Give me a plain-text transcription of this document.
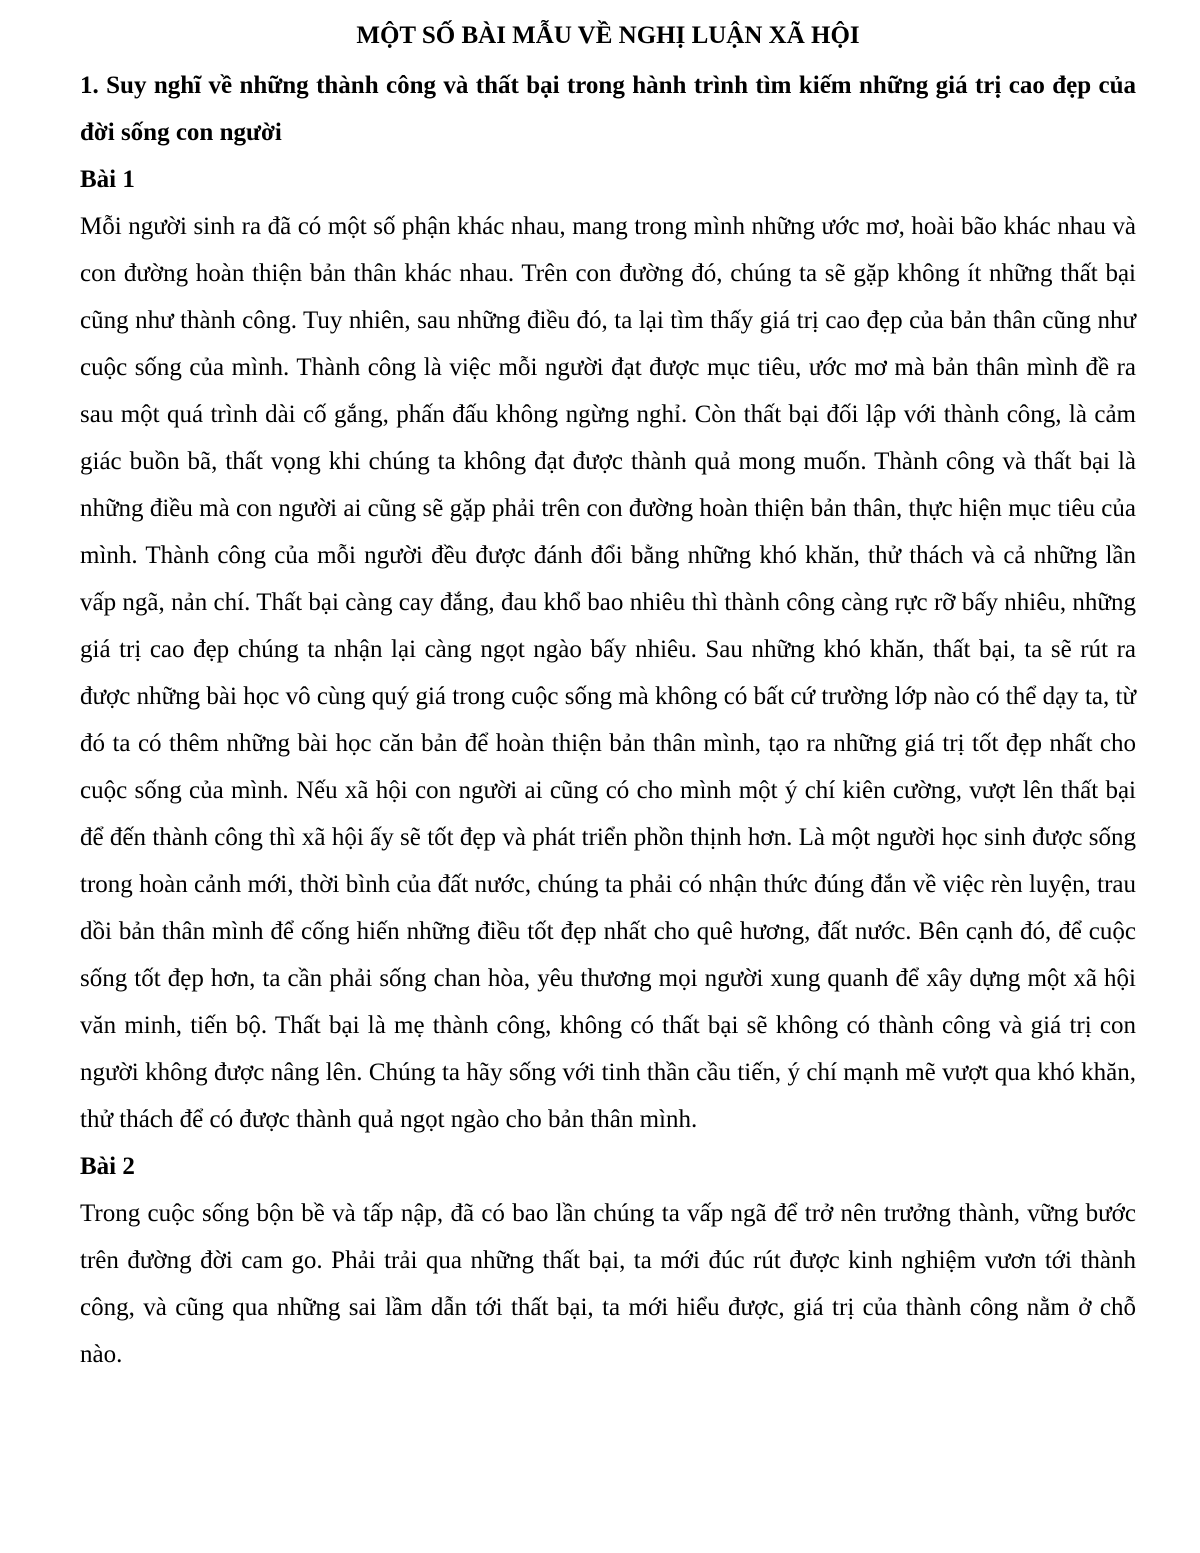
MỘT SỐ BÀI MẪU VỀ NGHỊ LUẬN XÃ HỘI

1. Suy nghĩ về những thành công và thất bại trong hành trình tìm kiếm những giá trị cao đẹp của đời sống con người

Bài 1

Mỗi người sinh ra đã có một số phận khác nhau, mang trong mình những ước mơ, hoài bão khác nhau và con đường hoàn thiện bản thân khác nhau. Trên con đường đó, chúng ta sẽ gặp không ít những thất bại cũng như thành công. Tuy nhiên, sau những điều đó, ta lại tìm thấy giá trị cao đẹp của bản thân cũng như cuộc sống của mình. Thành công là việc mỗi người đạt được mục tiêu, ước mơ mà bản thân mình đề ra sau một quá trình dài cố gắng, phấn đấu không ngừng nghỉ. Còn thất bại đối lập với thành công, là cảm giác buồn bã, thất vọng khi chúng ta không đạt được thành quả mong muốn. Thành công và thất bại là những điều mà con người ai cũng sẽ gặp phải trên con đường hoàn thiện bản thân, thực hiện mục tiêu của mình. Thành công của mỗi người đều được đánh đổi bằng những khó khăn, thử thách và cả những lần vấp ngã, nản chí. Thất bại càng cay đắng, đau khổ bao nhiêu thì thành công càng rực rỡ bấy nhiêu, những giá trị cao đẹp chúng ta nhận lại càng ngọt ngào bấy nhiêu. Sau những khó khăn, thất bại, ta sẽ rút ra được những bài học vô cùng quý giá trong cuộc sống mà không có bất cứ trường lớp nào có thể dạy ta, từ đó ta có thêm những bài học căn bản để hoàn thiện bản thân mình, tạo ra những giá trị tốt đẹp nhất cho cuộc sống của mình. Nếu xã hội con người ai cũng có cho mình một ý chí kiên cường, vượt lên thất bại để đến thành công thì xã hội ấy sẽ tốt đẹp và phát triển phồn thịnh hơn. Là một người học sinh được sống trong hoàn cảnh mới, thời bình của đất nước, chúng ta phải có nhận thức đúng đắn về việc rèn luyện, trau dồi bản thân mình để cống hiến những điều tốt đẹp nhất cho quê hương, đất nước. Bên cạnh đó, để cuộc sống tốt đẹp hơn, ta cần phải sống chan hòa, yêu thương mọi người xung quanh để xây dựng một xã hội văn minh, tiến bộ. Thất bại là mẹ thành công, không có thất bại sẽ không có thành công và giá trị con người không được nâng lên. Chúng ta hãy sống với tinh thần cầu tiến, ý chí mạnh mẽ vượt qua khó khăn, thử thách để có được thành quả ngọt ngào cho bản thân mình.

Bài 2

Trong cuộc sống bộn bề và tấp nập, đã có bao lần chúng ta vấp ngã để trở nên trưởng thành, vững bước trên đường đời cam go. Phải trải qua những thất bại, ta mới đúc rút được kinh nghiệm vươn tới thành công, và cũng qua những sai lầm dẫn tới thất bại, ta mới hiểu được, giá trị của thành công nằm ở chỗ nào.
